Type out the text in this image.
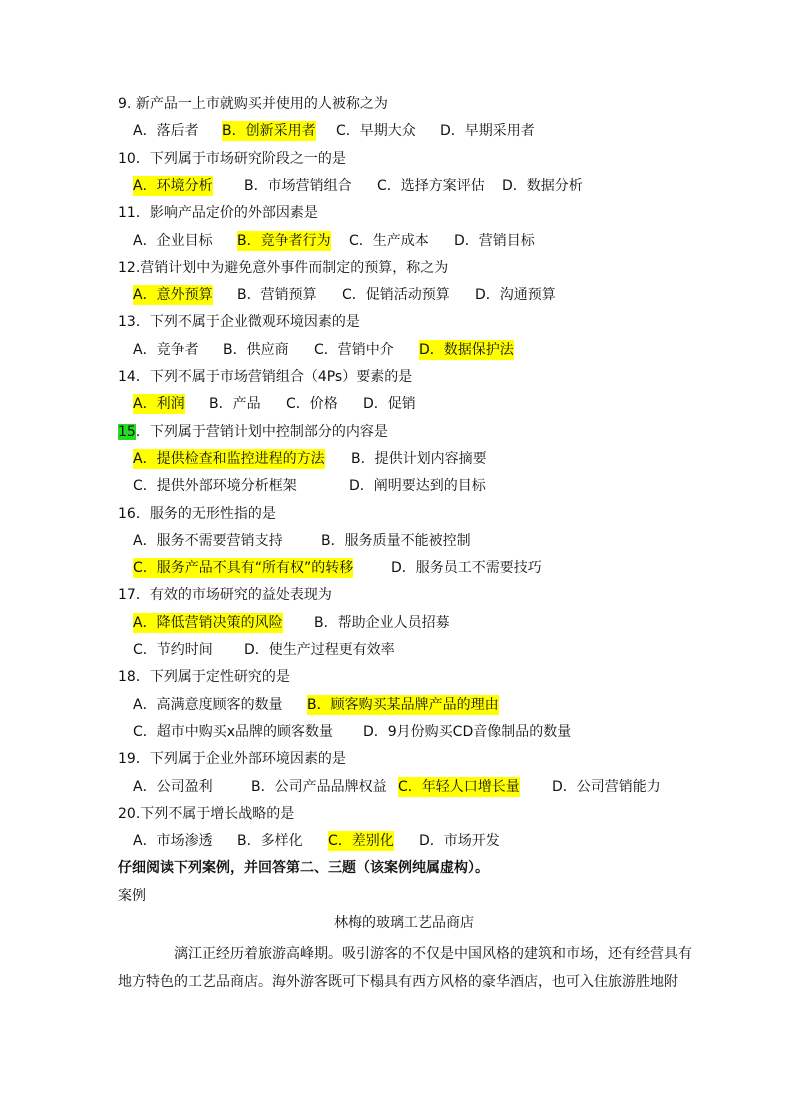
9. 新产品一上市就购买并使用的人被称之为
A．落后者 B．创新采用者 C．早期大众 D．早期采用者
10．下列属于市场研究阶段之一的是
A．环境分析 B．市场营销组合 C．选择方案评估 D．数据分析
11．影响产品定价的外部因素是
A．企业目标 B．竞争者行为 C．生产成本 D．营销目标
12.营销计划中为避免意外事件而制定的预算，称之为
A．意外预算 B．营销预算 C．促销活动预算 D．沟通预算
13．下列不属于企业微观环境因素的是
A．竞争者 B．供应商 C．营销中介 D．数据保护法
14．下列不属于市场营销组合（4Ps）要素的是
A．利润 B．产品 C．价格 D．促销
15．下列属于营销计划中控制部分的内容是
A．提供检查和监控进程的方法 B．提供计划内容摘要
C．提供外部环境分析框架	D．阐明要达到的目标
16．服务的无形性指的是
A．服务不需要营销支持	B．服务质量不能被控制
C．服务产品不具有“所有权”的转移	D．服务员工不需要技巧
17．有效的市场研究的益处表现为
A．降低营销决策的风险 B．帮助企业人员招募
C．节约时间 D．使生产过程更有效率
18．下列属于定性研究的是
A．高满意度顾客的数量 B．顾客购买某品牌产品的理由
C．超市中购买x品牌的顾客数量 D．9月份购买CD音像制品的数量
19．下列属于企业外部环境因素的是
A．公司盈利	B．公司产品品牌权益 C．年轻人口增长量 D．公司营销能力
20.下列不属于增长战略的是
A．市场渗透 B．多样化 C．差别化 D．市场开发
仔细阅读下列案例，并回答第二、三题（该案例纯属虚构）。
案例
林梅的玻璃工艺品商店
漓江正经历着旅游高峰期。吸引游客的不仅是中国风格的建筑和市场，还有经营具有地方特色的工艺品商店。海外游客既可下榻具有西方风格的豪华酒店，也可入住旅游胜地附
